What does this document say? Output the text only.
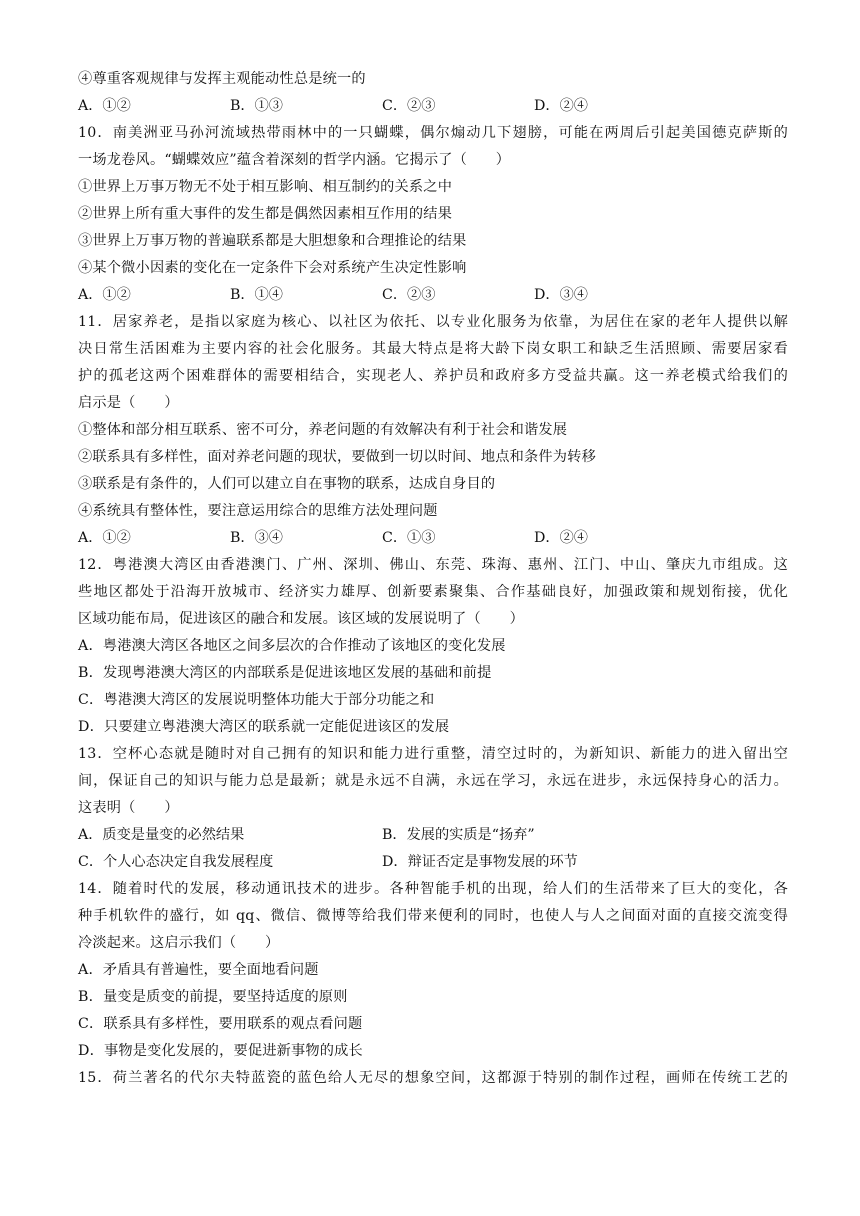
④尊重客观规律与发挥主观能动性总是统一的
A．①②	B．①③	C．②③	D．②④
10．南美洲亚马孙河流域热带雨林中的一只蝴蝶，偶尔煽动几下翅膀，可能在两周后引起美国德克萨斯的
一场龙卷风。“蝴蝶效应”蕴含着深刻的哲学内涵。它揭示了（　　）
①世界上万事万物无不处于相互影响、相互制约的关系之中
②世界上所有重大事件的发生都是偶然因素相互作用的结果
③世界上万事万物的普遍联系都是大胆想象和合理推论的结果
④某个微小因素的变化在一定条件下会对系统产生决定性影响
A．①②	B．①④	C．②③	D．③④
11．居家养老，是指以家庭为核心、以社区为依托、以专业化服务为依靠，为居住在家的老年人提供以解
决日常生活困难为主要内容的社会化服务。其最大特点是将大龄下岗女职工和缺乏生活照顾、需要居家看
护的孤老这两个困难群体的需要相结合，实现老人、养护员和政府多方受益共赢。这一养老模式给我们的
启示是（　　）
①整体和部分相互联系、密不可分，养老问题的有效解决有利于社会和谐发展
②联系具有多样性，面对养老问题的现状，要做到一切以时间、地点和条件为转移
③联系是有条件的，人们可以建立自在事物的联系，达成自身目的
④系统具有整体性，要注意运用综合的思维方法处理问题
A．①②	B．③④	C．①③	D．②④
12．粤港澳大湾区由香港澳门、广州、深圳、佛山、东莞、珠海、惠州、江门、中山、肇庆九市组成。这
些地区都处于沿海开放城市、经济实力雄厚、创新要素聚集、合作基础良好，加强政策和规划衔接，优化
区域功能布局，促进该区的融合和发展。该区域的发展说明了（　　）
A．粤港澳大湾区各地区之间多层次的合作推动了该地区的变化发展
B．发现粤港澳大湾区的内部联系是促进该地区发展的基础和前提
C．粤港澳大湾区的发展说明整体功能大于部分功能之和
D．只要建立粤港澳大湾区的联系就一定能促进该区的发展
13．空杯心态就是随时对自己拥有的知识和能力进行重整，清空过时的，为新知识、新能力的进入留出空
间，保证自己的知识与能力总是最新；就是永远不自满，永远在学习，永远在进步，永远保持身心的活力。
这表明（　　）
A．质变是量变的必然结果	B．发展的实质是“扬弃”
C．个人心态决定自我发展程度	D．辩证否定是事物发展的环节
14．随着时代的发展，移动通讯技术的进步。各种智能手机的出现，给人们的生活带来了巨大的变化，各
种手机软件的盛行，如 qq、微信、微博等给我们带来便利的同时，也使人与人之间面对面的直接交流变得
冷淡起来。这启示我们（　　）
A．矛盾具有普遍性，要全面地看问题
B．量变是质变的前提，要坚持适度的原则
C．联系具有多样性，要用联系的观点看问题
D．事物是变化发展的，要促进新事物的成长
15．荷兰著名的代尔夫特蓝瓷的蓝色给人无尽的想象空间，这都源于特别的制作过程，画师在传统工艺的
